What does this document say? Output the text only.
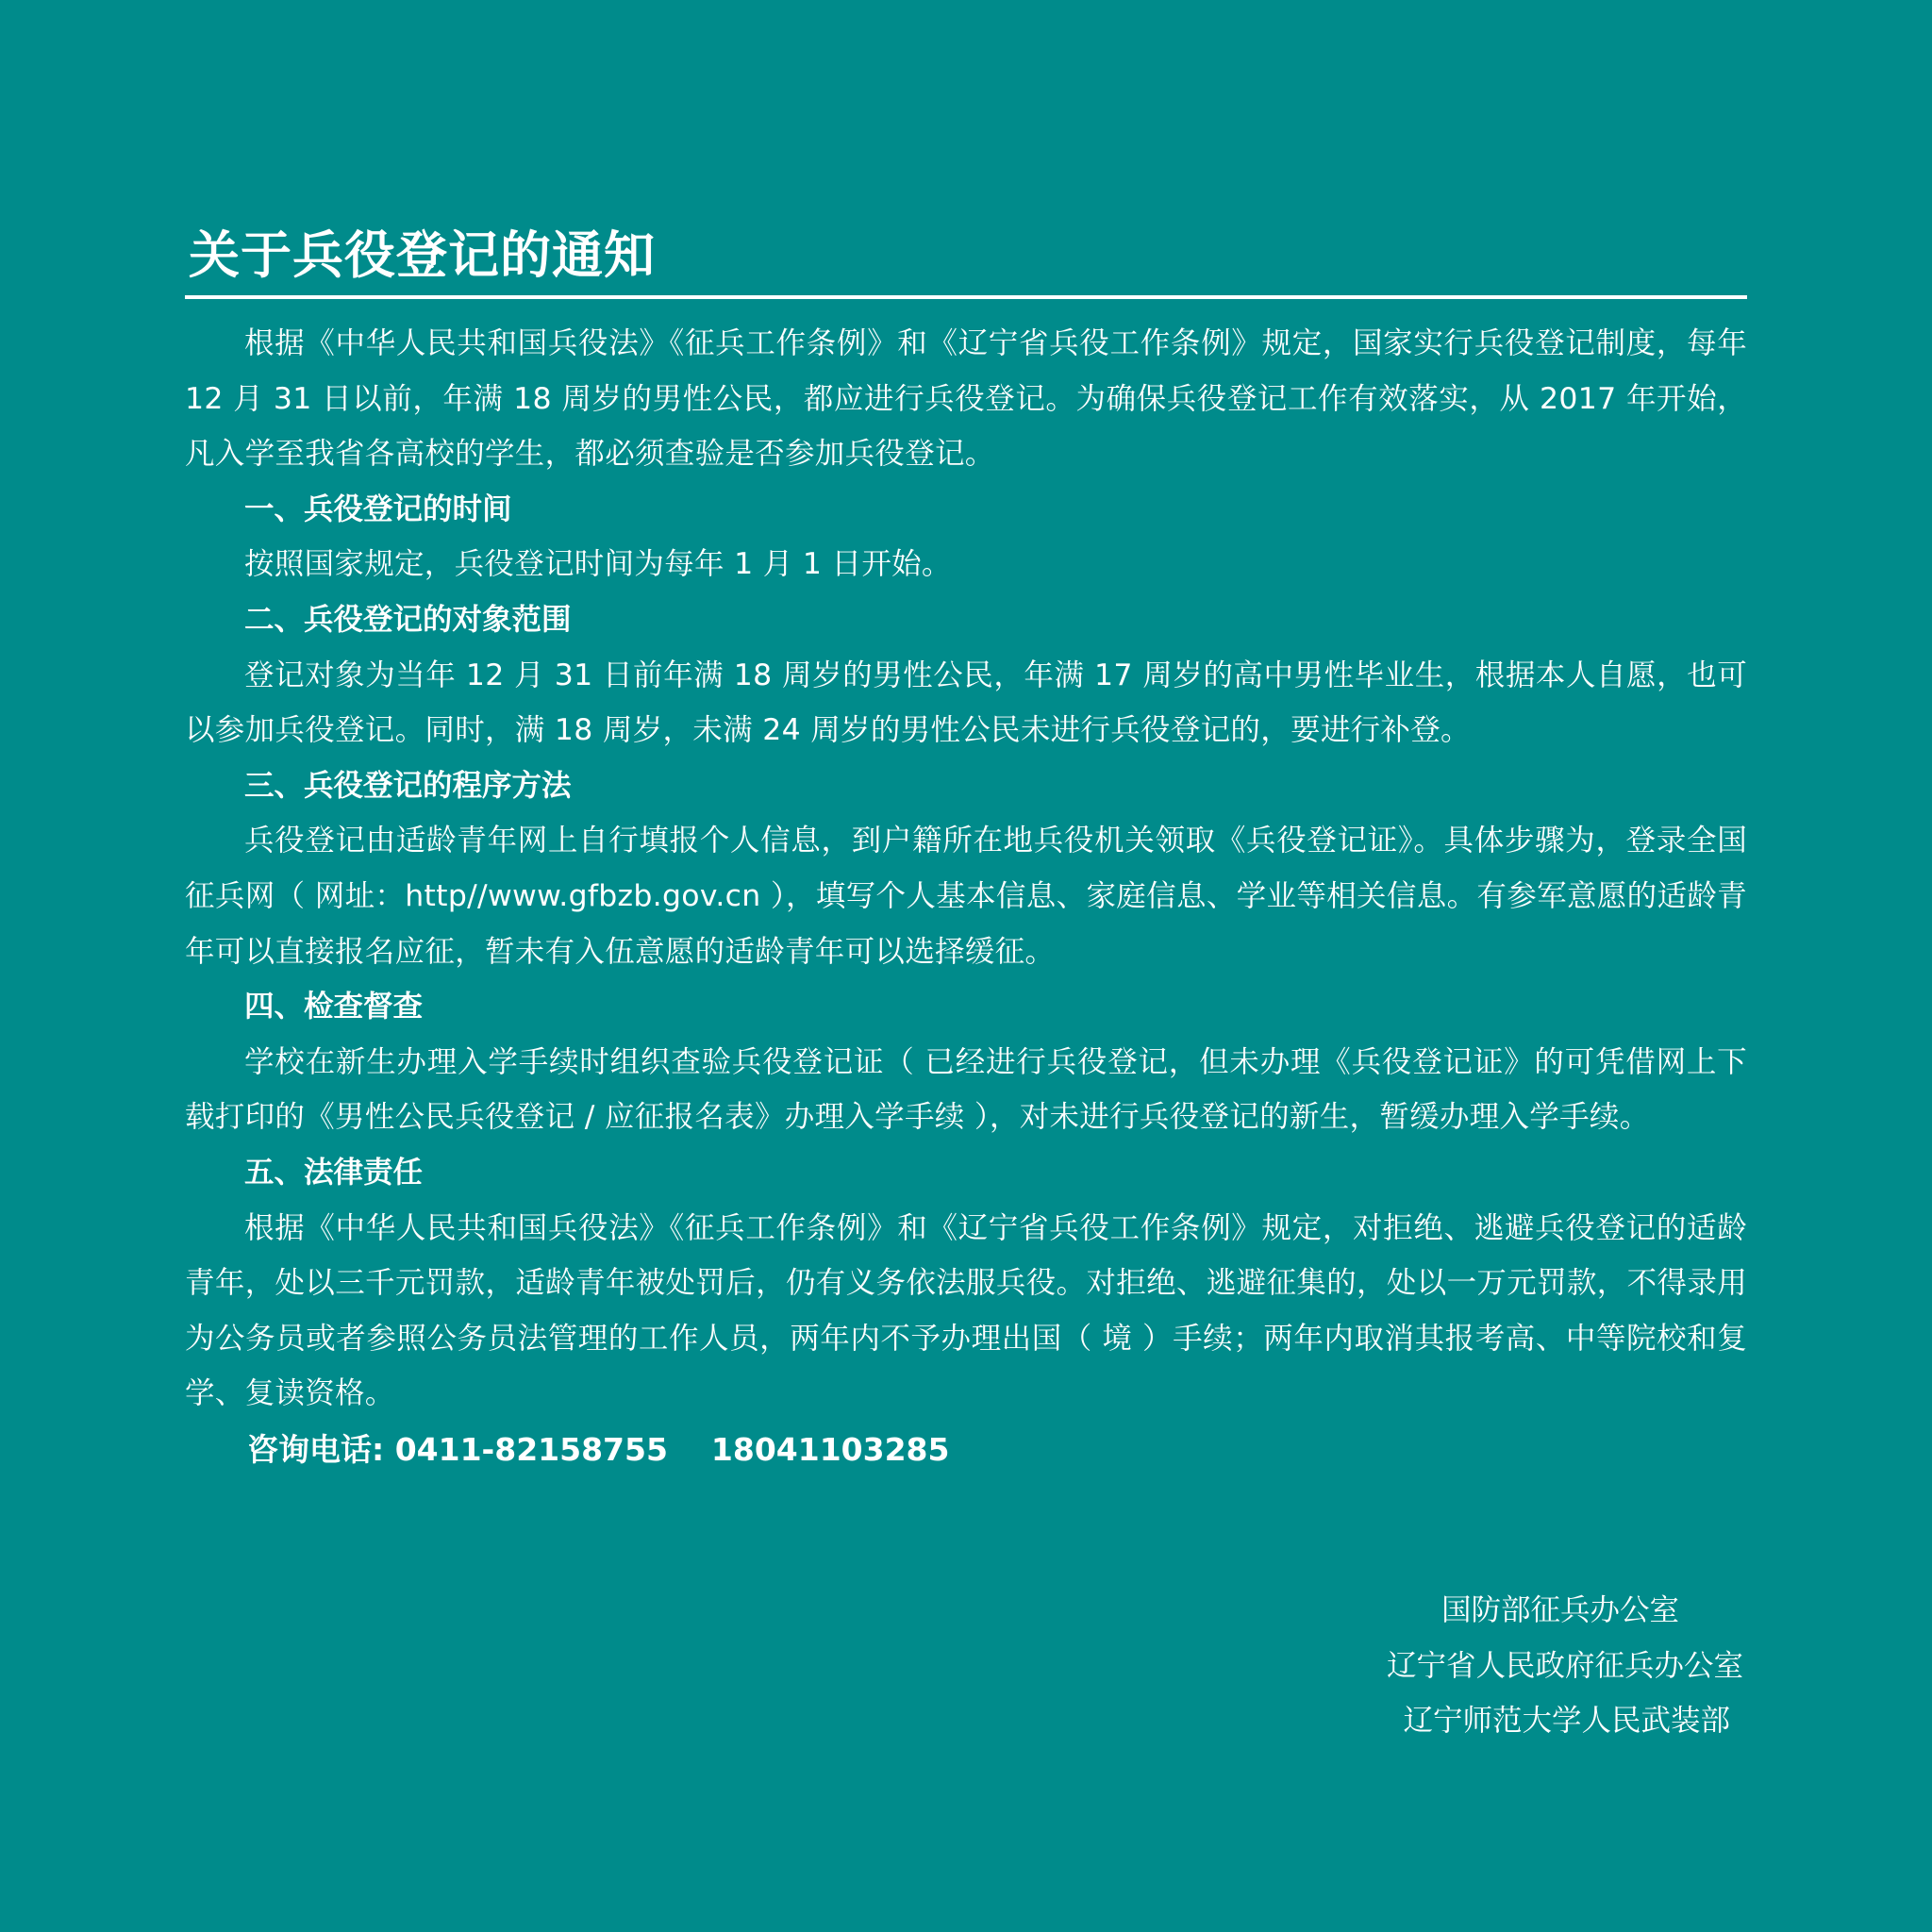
关于兵役登记的通知

根据《中华人民共和国兵役法》《征兵工作条例》和《辽宁省兵役工作条例》规定，国家实行兵役登记制度，每年 12 月 31 日以前，年满 18 周岁的男性公民，都应进行兵役登记。为确保兵役登记工作有效落实，从 2017 年开始，凡入学至我省各高校的学生，都必须查验是否参加兵役登记。

一、兵役登记的时间

按照国家规定，兵役登记时间为每年 1 月 1 日开始。

二、兵役登记的对象范围

登记对象为当年 12 月 31 日前年满 18 周岁的男性公民，年满 17 周岁的高中男性毕业生，根据本人自愿，也可以参加兵役登记。同时，满 18 周岁，未满 24 周岁的男性公民未进行兵役登记的，要进行补登。

三、兵役登记的程序方法

兵役登记由适龄青年网上自行填报个人信息，到户籍所在地兵役机关领取《兵役登记证》。具体步骤为，登录全国征兵网（ 网址：http//www.gfbzb.gov.cn ），填写个人基本信息、家庭信息、学业等相关信息。有参军意愿的适龄青年可以直接报名应征，暂未有入伍意愿的适龄青年可以选择缓征。

四、检查督查

学校在新生办理入学手续时组织查验兵役登记证（ 已经进行兵役登记，但未办理《兵役登记证》的可凭借网上下载打印的《男性公民兵役登记 / 应征报名表》办理入学手续 ），对未进行兵役登记的新生，暂缓办理入学手续。

五、法律责任

根据《中华人民共和国兵役法》《征兵工作条例》和《辽宁省兵役工作条例》规定，对拒绝、逃避兵役登记的适龄青年，处以三千元罚款，适龄青年被处罚后，仍有义务依法服兵役。对拒绝、逃避征集的，处以一万元罚款，不得录用为公务员或者参照公务员法管理的工作人员，两年内不予办理出国（ 境 ）手续；两年内取消其报考高、中等院校和复学、复读资格。

咨询电话: 0411-82158755 18041103285

国防部征兵办公室

辽宁省人民政府征兵办公室

辽宁师范大学人民武装部
